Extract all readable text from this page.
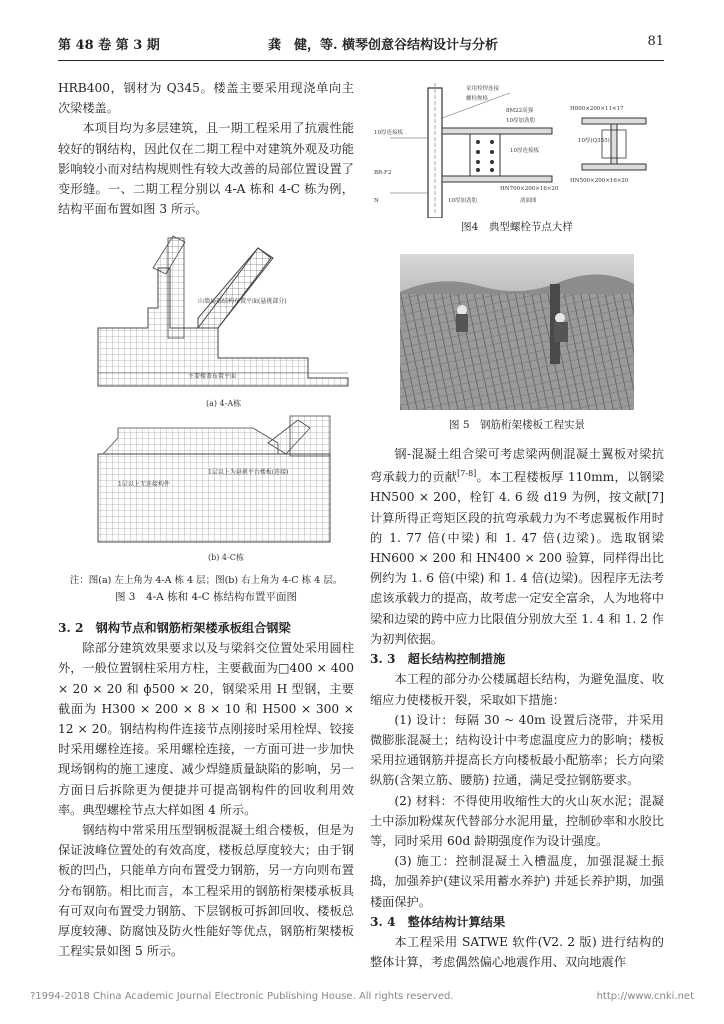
第 48 卷 第 3 期	龚　健，等. 横琴创意谷结构设计与分析	81

HRB400，钢材为 Q345。楼盖主要采用现浇单向主次梁楼盖。

本项目均为多层建筑，且一期工程采用了抗震性能较好的钢结构，因此仅在二期工程中对建筑外观及功能影响较小而对结构规则性有较大改善的局部位置设置了变形缝。一、二期工程分别以 4-A 栋和 4-C 栋为例，结构平面布置如图 3 所示。

山墙局部结构布置平面(悬挑部分)
主要楼盖布置平面
(a) 4-A栋
1层以上无连接构件
1层以上为悬挑平台楼板(连接)
(b) 4-C栋
注：图(a) 左上角为 4-A 栋 4 层；图(b) 右上角为 4-C 栋 4 层。
图 3　4-A 栋和 4-C 栋结构布置平面图

3. 2　钢构节点和钢筋桁架楼承板组合钢梁

除部分建筑效果要求以及与梁斜交位置处采用圆柱外，一般位置钢柱采用方柱，主要截面为□400 × 400 × 20 × 20 和 ɸ500 × 20，钢梁采用 H 型钢，主要截面为 H300 × 200 × 8 × 10 和 H500 × 300 × 12 × 20。钢结构构件连接节点刚接时采用栓焊、铰接时采用螺栓连接。采用螺栓连接，一方面可进一步加快现场钢构的施工速度、减少焊缝质量缺陷的影响，另一方面日后拆除更为便捷并可提高钢构件的回收利用效率。典型螺栓节点大样如图 4 所示。

钢结构中常采用压型钢板混凝土组合楼板，但是为保证波峰位置处的有效高度，楼板总厚度较大；由于钢板的凹凸，只能单方向布置受力钢筋，另一方向则布置分布钢筋。相比而言，本工程采用的钢筋桁架楼承板具有可双向布置受力钢筋、下层钢板可拆卸回收、楼板总厚度较薄、防腐蚀及防火性能好等优点，钢筋桁架楼板工程实景如图 5 所示。

采用栓焊连接
螺栓规格
8M22高强
10厚加劲肋
10厚连接板
H600×200×11×17
10厚连接板
10厚(Q355)
HN700×200×16×20
HN500×200×16×20
10厚加劲肋	剖面图
BR-F2
N
图4　典型螺栓节点大样
图 5　钢筋桁架楼板工程实景

钢-混凝土组合梁可考虑梁两侧混凝土翼板对梁抗弯承载力的贡献[7-8]。本工程楼板厚 110mm，以钢梁 HN500 × 200，栓钉 4. 6 级 d19 为例，按文献[7]计算所得正弯矩区段的抗弯承载力为不考虑翼板作用时的 1. 77 倍(中梁) 和 1. 47 倍(边梁)。选取钢梁 HN600 × 200 和 HN400 × 200 验算，同样得出比例约为 1. 6 倍(中梁) 和 1. 4 倍(边梁)。因程序无法考虑该承载力的提高，故考虑一定安全富余，人为地将中梁和边梁的跨中应力比限值分别放大至 1. 4 和 1. 2 作为初判依据。

3. 3　超长结构控制措施

本工程的部分办公楼属超长结构，为避免温度、收缩应力使楼板开裂，采取如下措施：

(1) 设计：每隔 30 ~ 40m 设置后浇带，并采用微膨胀混凝土；结构设计中考虑温度应力的影响；楼板采用拉通钢筋并提高长方向楼板最小配筋率；长方向梁纵筋(含架立筋、腰筋) 拉通，满足受拉钢筋要求。

(2) 材料：不得使用收缩性大的火山灰水泥；混凝土中添加粉煤灰代替部分水泥用量，控制砂率和水胶比等，同时采用 60d 龄期强度作为设计强度。

(3) 施工：控制混凝土入槽温度，加强混凝土振捣，加强养护(建议采用蓄水养护) 并延长养护期，加强楼面保护。

3. 4　整体结构计算结果

本工程采用 SATWE 软件(V2. 2 版) 进行结构的整体计算，考虑偶然偏心地震作用、双向地震作

?1994-2018 China Academic Journal Electronic Publishing House. All rights reserved.	http://www.cnki.net
